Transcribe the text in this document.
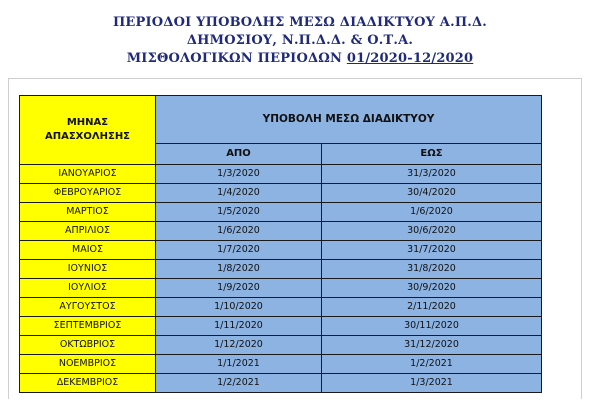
ΠΕΡΙΟΔΟΙ ΥΠΟΒΟΛΗΣ ΜΕΣΩ ΔΙΑΔΙΚΤΥΟΥ Α.Π.Δ.
ΔΗΜΟΣΙΟΥ, Ν.Π.Δ.Δ. & Ο.Τ.Α.
ΜΙΣΘΟΛΟΓΙΚΩΝ ΠΕΡΙΟΔΩΝ 01/2020-12/2020
ΜΗΝΑΣ
ΑΠΑΣΧΟΛΗΣΗΣ	ΥΠΟΒΟΛΗ ΜΕΣΩ ΔΙΑΔΙΚΤΥΟΥ	
	ΑΠΟ	ΕΩΣ
ΙΑΝΟΥΑΡΙΟΣ	1/3/2020	31/3/2020
ΦΕΒΡΟΥΑΡΙΟΣ	1/4/2020	30/4/2020
ΜΑΡΤΙΟΣ	1/5/2020	1/6/2020
ΑΠΡΙΛΙΟΣ	1/6/2020	30/6/2020
ΜΑΙΟΣ	1/7/2020	31/7/2020
ΙΟΥΝΙΟΣ	1/8/2020	31/8/2020
ΙΟΥΛΙΟΣ	1/9/2020	30/9/2020
ΑΥΓΟΥΣΤΟΣ	1/10/2020	2/11/2020
ΣΕΠΤΕΜΒΡΙΟΣ	1/11/2020	30/11/2020
ΟΚΤΩΒΡΙΟΣ	1/12/2020	31/12/2020
ΝΟΕΜΒΡΙΟΣ	1/1/2021	1/2/2021
ΔΕΚΕΜΒΡΙΟΣ	1/2/2021	1/3/2021
